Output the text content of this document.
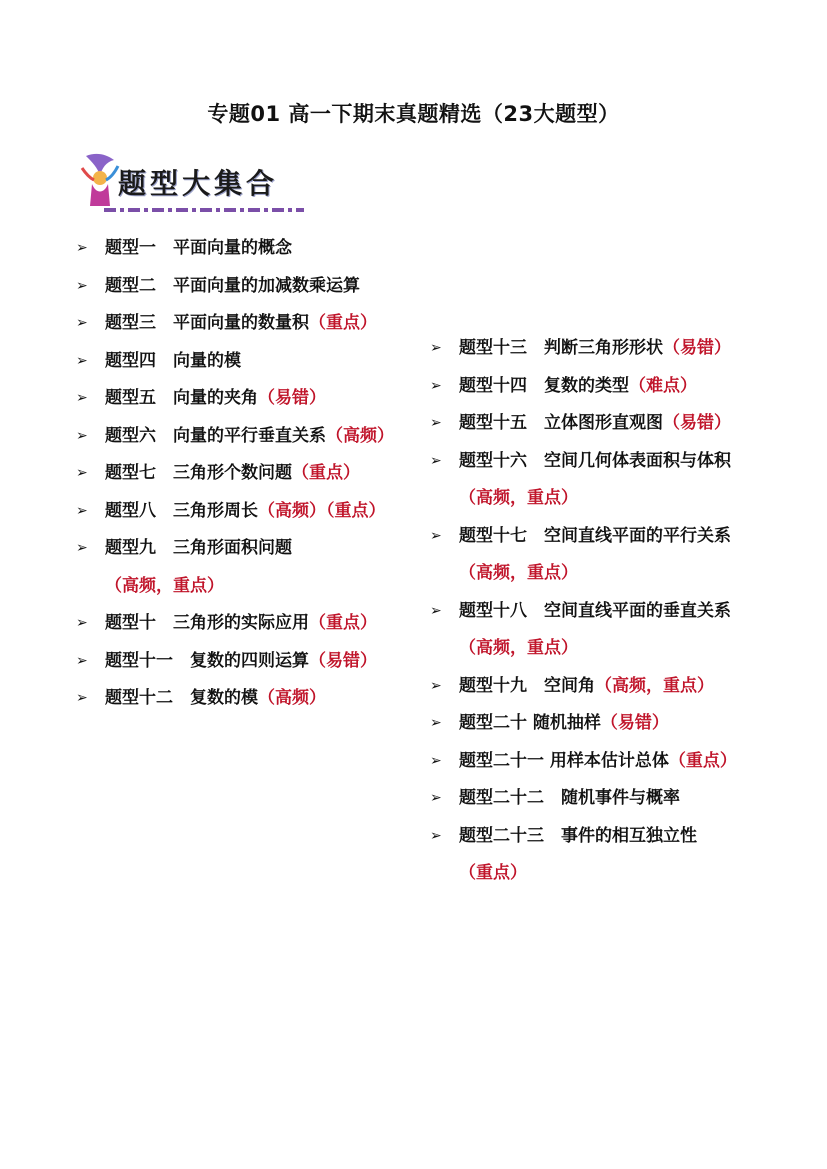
专题01 高一下期末真题精选（23大题型）
题型大集合
➢ 题型一　平面向量的概念
➢ 题型二　平面向量的加减数乘运算
➢ 题型三　平面向量的数量积（重点）
➢ 题型四　向量的模
➢ 题型五　向量的夹角（易错）
➢ 题型六　向量的平行垂直关系（高频）
➢ 题型七　三角形个数问题（重点）
➢ 题型八　三角形周长（高频）（重点）
➢ 题型九　三角形面积问题（高频，重点）
➢ 题型十　三角形的实际应用（重点）
➢ 题型十一　复数的四则运算（易错）
➢ 题型十二　复数的模（高频）
➢ 题型十三　判断三角形形状（易错）
➢ 题型十四　复数的类型（难点）
➢ 题型十五　立体图形直观图（易错）
➢ 题型十六　空间几何体表面积与体积（高频，重点）
➢ 题型十七　空间直线平面的平行关系（高频，重点）
➢ 题型十八　空间直线平面的垂直关系（高频，重点）
➢ 题型十九　空间角（高频，重点）
➢ 题型二十 随机抽样（易错）
➢ 题型二十一 用样本估计总体（重点）
➢ 题型二十二　随机事件与概率
➢ 题型二十三　事件的相互独立性（重点）
